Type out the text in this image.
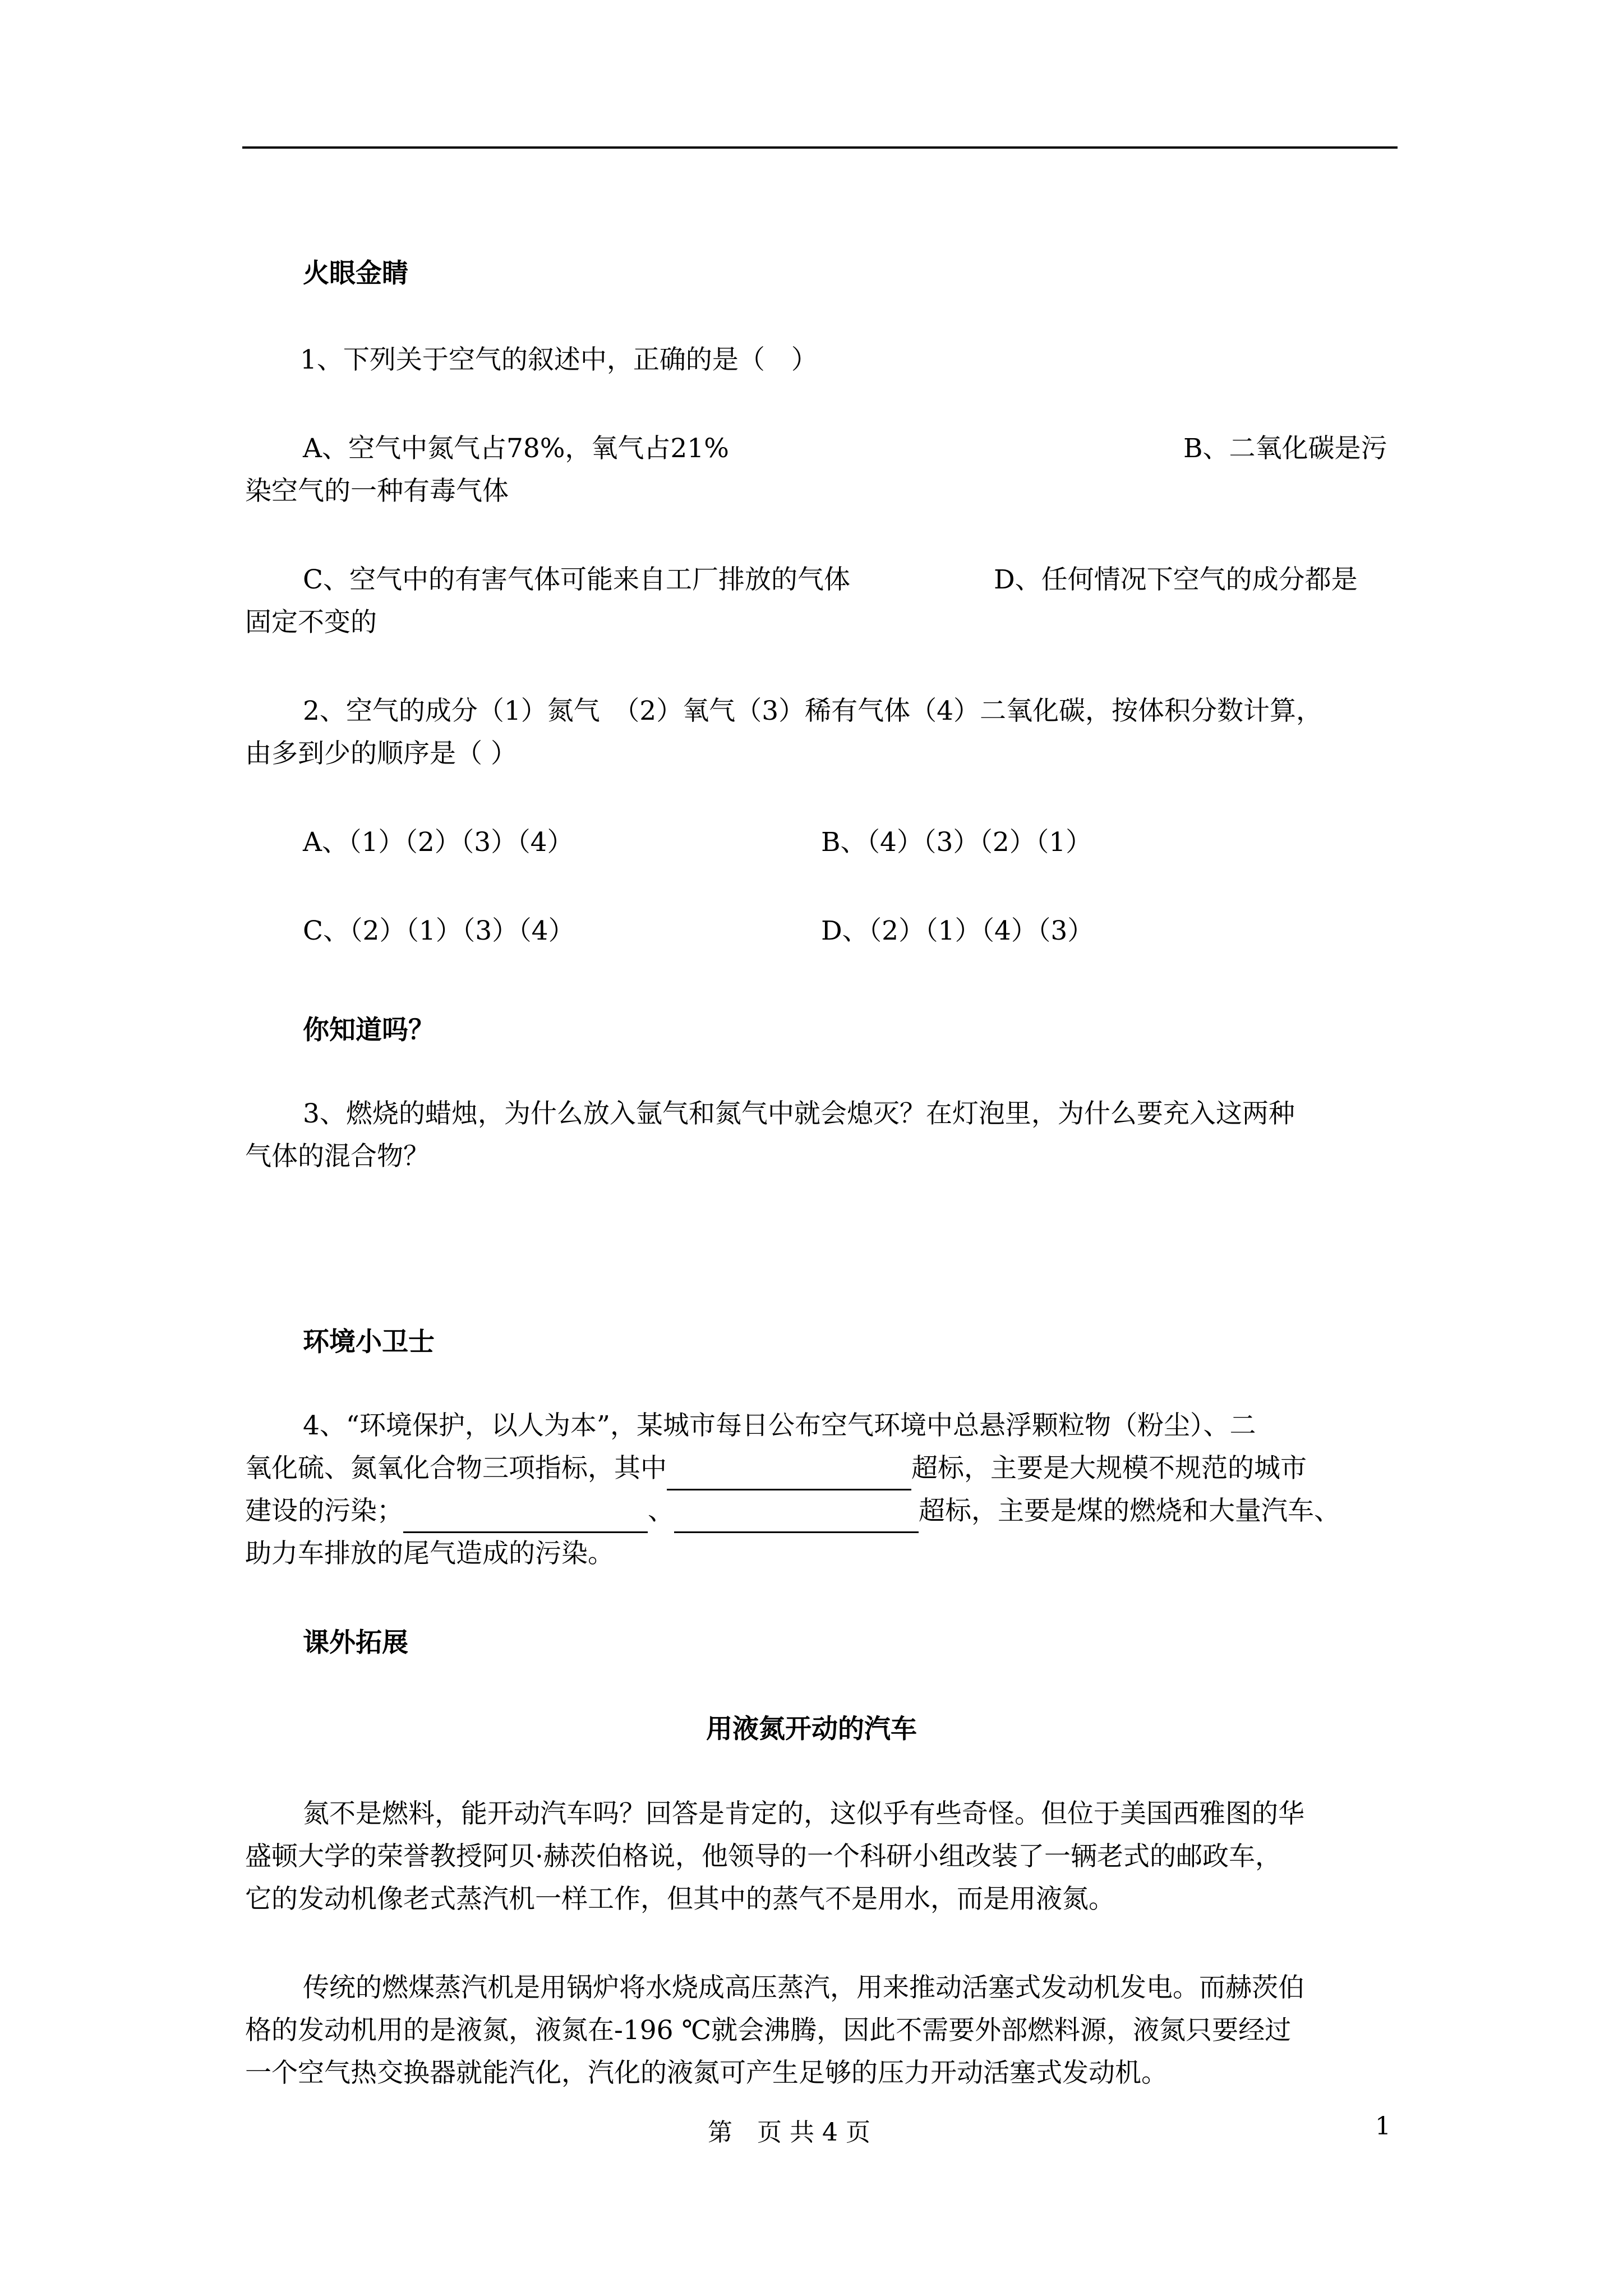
火眼金睛

1、下列关于空气的叙述中，正确的是（　）

A、空气中氮气占78%，氧气占21%	B、二氧化碳是污

染空气的一种有毒气体

C、空气中的有害气体可能来自工厂排放的气体	D、任何情况下空气的成分都是

固定不变的

2、空气的成分（1）氮气　（2）氧气（3）稀有气体（4）二氧化碳，按体积分数计算，

由多到少的顺序是（ ）

A、（1）（2）（3）（4）	B、（4）（3）（2）（1）

C、（2）（1）（3）（4）	D、（2）（1）（4）（3）

你知道吗？

3、燃烧的蜡烛，为什么放入氩气和氮气中就会熄灭？在灯泡里，为什么要充入这两种

气体的混合物？

环境小卫士

4、“环境保护，以人为本”，某城市每日公布空气环境中总悬浮颗粒物（粉尘）、二

氧化硫、氮氧化合物三项指标，其中	超标，主要是大规模不规范的城市

建设的污染；	、	超标，主要是煤的燃烧和大量汽车、

助力车排放的尾气造成的污染。

课外拓展

用液氮开动的汽车

氮不是燃料，能开动汽车吗？回答是肯定的，这似乎有些奇怪。但位于美国西雅图的华

盛顿大学的荣誉教授阿贝·赫茨伯格说，他领导的一个科研小组改装了一辆老式的邮政车，

它的发动机像老式蒸汽机一样工作，但其中的蒸气不是用水，而是用液氮。

传统的燃煤蒸汽机是用锅炉将水烧成高压蒸汽，用来推动活塞式发动机发电。而赫茨伯

格的发动机用的是液氮，液氮在-196 ℃就会沸腾，因此不需要外部燃料源，液氮只要经过

一个空气热交换器就能汽化，汽化的液氮可产生足够的压力开动活塞式发动机。

第　页 共 4 页	1
